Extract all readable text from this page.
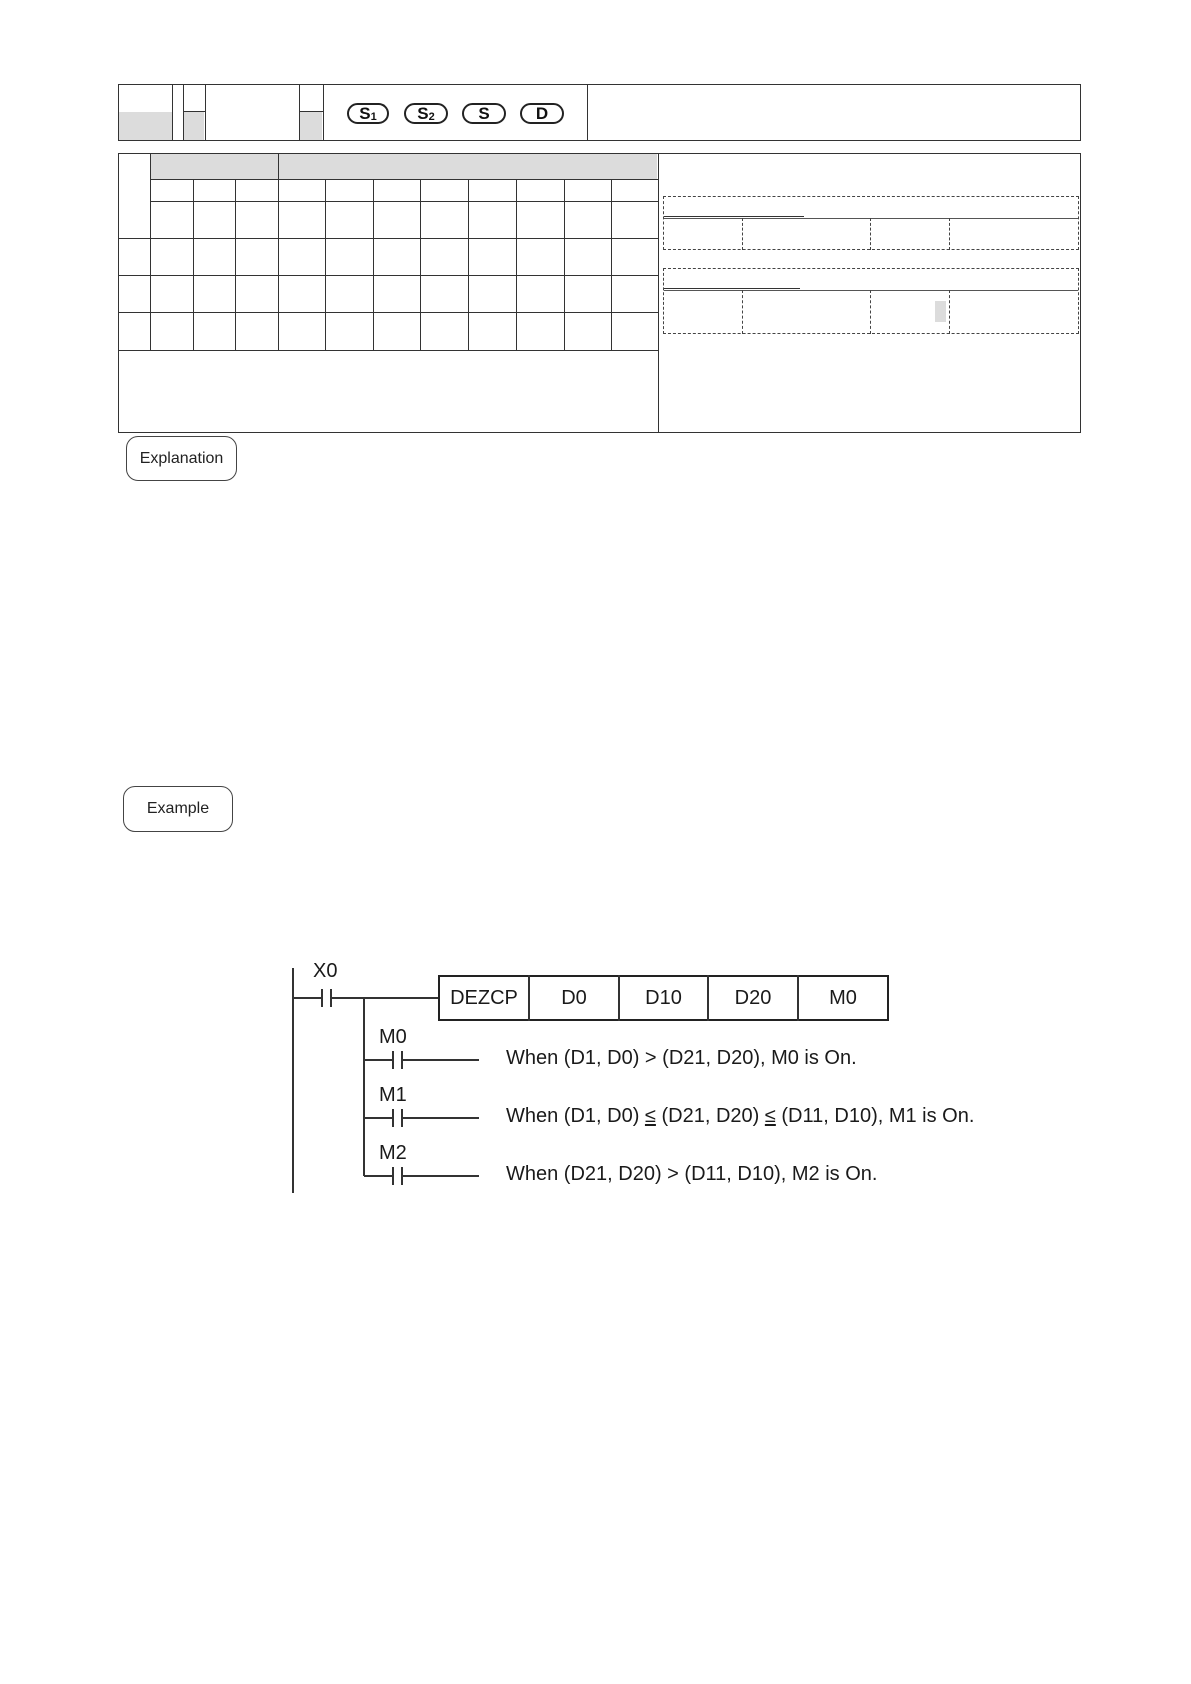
$S_1$	$S_2$	S	D
Explanation
Example
X0
DEZCP	D0	D10	D20	M0
M0
When (D1, D0) > (D21, D20), M0 is On.
M1
When (D1, D0) ≤ (D21, D20) ≤ (D11, D10), M1 is On.
M2
When (D21, D20) > (D11, D10), M2 is On.
